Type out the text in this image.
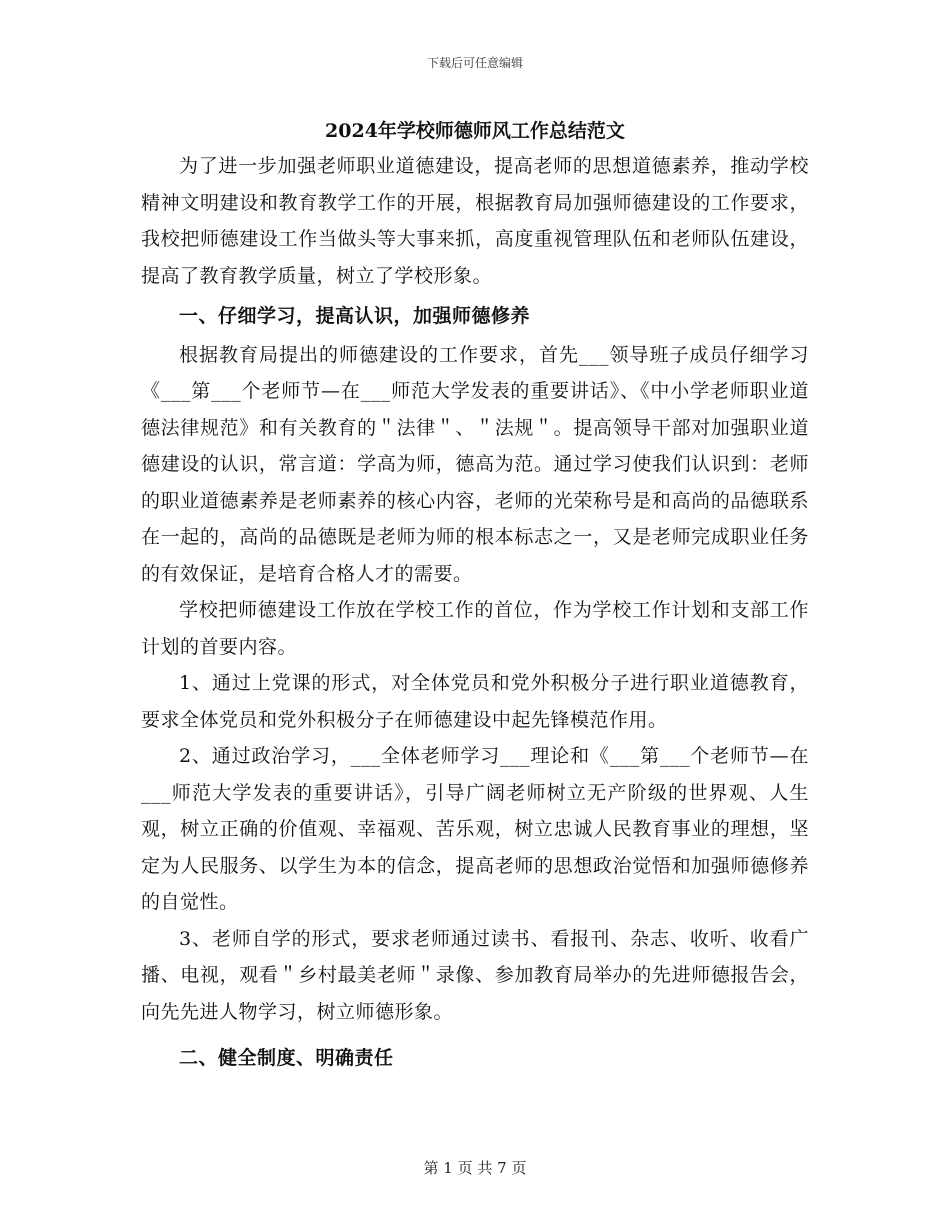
下载后可任意编辑
2024年学校师德师风工作总结范文

为了进一步加强老师职业道德建设，提高老师的思想道德素养，推动学校精神文明建设和教育教学工作的开展，根据教育局加强师德建设的工作要求，我校把师德建设工作当做头等大事来抓，高度重视管理队伍和老师队伍建设，提高了教育教学质量，树立了学校形象。

一、仔细学习，提高认识，加强师德修养

根据教育局提出的师德建设的工作要求，首先___领导班子成员仔细学习《___第___个老师节—在___师范大学发表的重要讲话》、《中小学老师职业道德法律规范》和有关教育的＂法律＂、＂法规＂。提高领导干部对加强职业道德建设的认识，常言道：学高为师，德高为范。通过学习使我们认识到：老师的职业道德素养是老师素养的核心内容，老师的光荣称号是和高尚的品德联系在一起的，高尚的品德既是老师为师的根本标志之一，又是老师完成职业任务的有效保证，是培育合格人才的需要。

学校把师德建设工作放在学校工作的首位，作为学校工作计划和支部工作计划的首要内容。

1、通过上党课的形式，对全体党员和党外积极分子进行职业道德教育，要求全体党员和党外积极分子在师德建设中起先锋模范作用。

2、通过政治学习，___全体老师学习___理论和《___第___个老师节—在___师范大学发表的重要讲话》，引导广阔老师树立无产阶级的世界观、人生观，树立正确的价值观、幸福观、苦乐观，树立忠诚人民教育事业的理想，坚定为人民服务、以学生为本的信念，提高老师的思想政治觉悟和加强师德修养的自觉性。

3、老师自学的形式，要求老师通过读书、看报刊、杂志、收听、收看广播、电视，观看＂乡村最美老师＂录像、参加教育局举办的先进师德报告会，向先先进人物学习，树立师德形象。

二、健全制度、明确责任

第 1 页 共 7 页
